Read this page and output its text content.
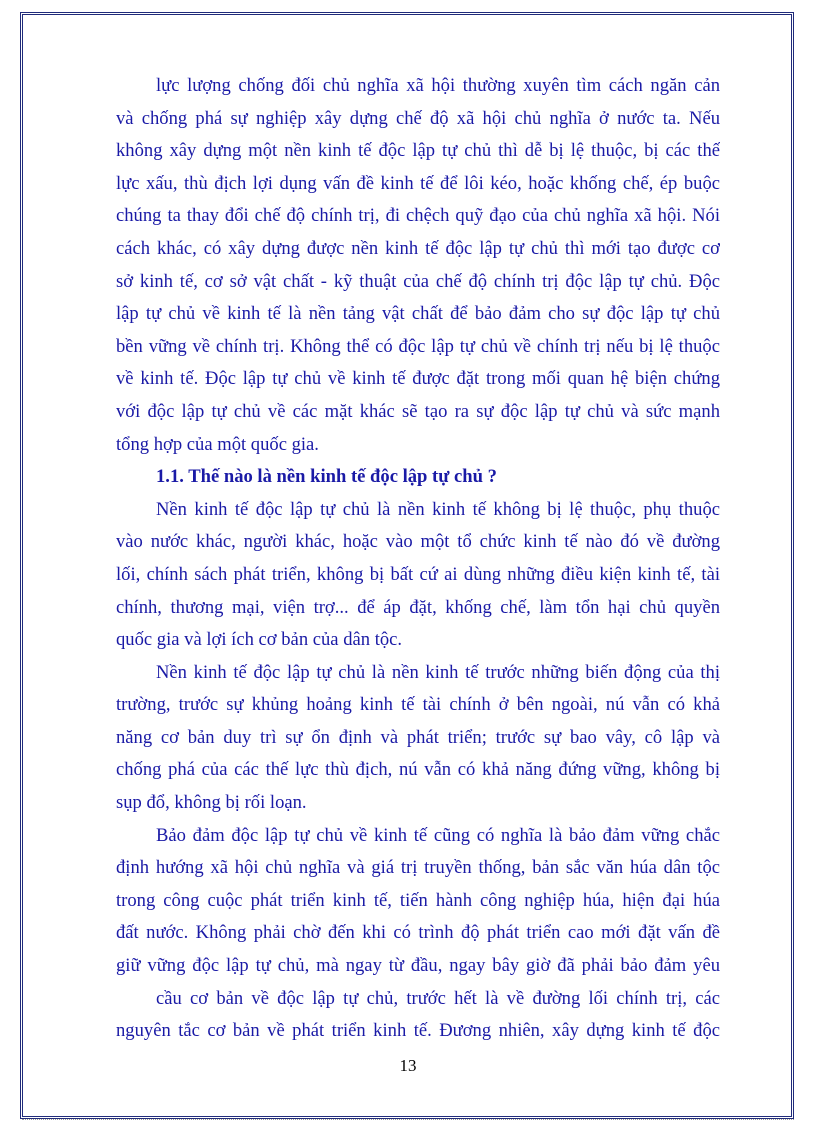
lực lượng chống đối chủ nghĩa xã hội thường xuyên tìm cách ngăn cản
và chống phá sự nghiệp xây dựng chế độ xã hội chủ nghĩa ở nước ta. Nếu
không xây dựng một nền kinh tế độc lập tự chủ thì dễ bị lệ thuộc, bị các thế
lực xấu, thù địch lợi dụng vấn đề kinh tế để lôi kéo, hoặc khống chế, ép buộc
chúng ta thay đổi chế độ chính trị, đi chệch quỹ đạo của chủ nghĩa xã hội. Nói
cách khác, có xây dựng được nền kinh tế độc lập tự chủ thì mới tạo được cơ
sở kinh tế, cơ sở vật chất - kỹ thuật của chế độ chính trị độc lập tự chủ. Độc
lập tự chủ về kinh tế là nền tảng vật chất để bảo đảm cho sự độc lập tự chủ
bền vững về chính trị. Không thể có độc lập tự chủ về chính trị nếu bị lệ thuộc
về kinh tế. Độc lập tự chủ về kinh tế được đặt trong mối quan hệ biện chứng
với độc lập tự chủ về các mặt khác sẽ tạo ra sự độc lập tự chủ và sức mạnh
tổng hợp của một quốc gia.
1.1. Thế nào là nền kinh tế độc lập tự chủ ?
Nền kinh tế độc lập tự chủ là nền kinh tế không bị lệ thuộc, phụ thuộc
vào nước khác, người khác, hoặc vào một tổ chức kinh tế nào đó về đường
lối, chính sách phát triển, không bị bất cứ ai dùng những điều kiện kinh tế, tài
chính, thương mại, viện trợ... để áp đặt, khống chế, làm tổn hại chủ quyền
quốc gia và lợi ích cơ bản của dân tộc.
Nền kinh tế độc lập tự chủ là nền kinh tế trước những biến động của thị
trường, trước sự khủng hoảng kinh tế tài chính ở bên ngoài, nú vẫn có khả
năng cơ bản duy trì sự ổn định và phát triển; trước sự bao vây, cô lập và
chống phá của các thế lực thù địch, nú vẫn có khả năng đứng vững, không bị
sụp đổ, không bị rối loạn.
Bảo đảm độc lập tự chủ về kinh tế cũng có nghĩa là bảo đảm vững chắc
định hướng xã hội chủ nghĩa và giá trị truyền thống, bản sắc văn húa dân tộc
trong công cuộc phát triển kinh tế, tiến hành công nghiệp húa, hiện đại húa
đất nước. Không phải chờ đến khi có trình độ phát triển cao mới đặt vấn đề
giữ vững độc lập tự chủ, mà ngay từ đầu, ngay bây giờ đã phải bảo đảm yêu
cầu cơ bản về độc lập tự chủ, trước hết là về đường lối chính trị, các
nguyên tắc cơ bản về phát triển kinh tế. Đương nhiên, xây dựng kinh tế độc
13
